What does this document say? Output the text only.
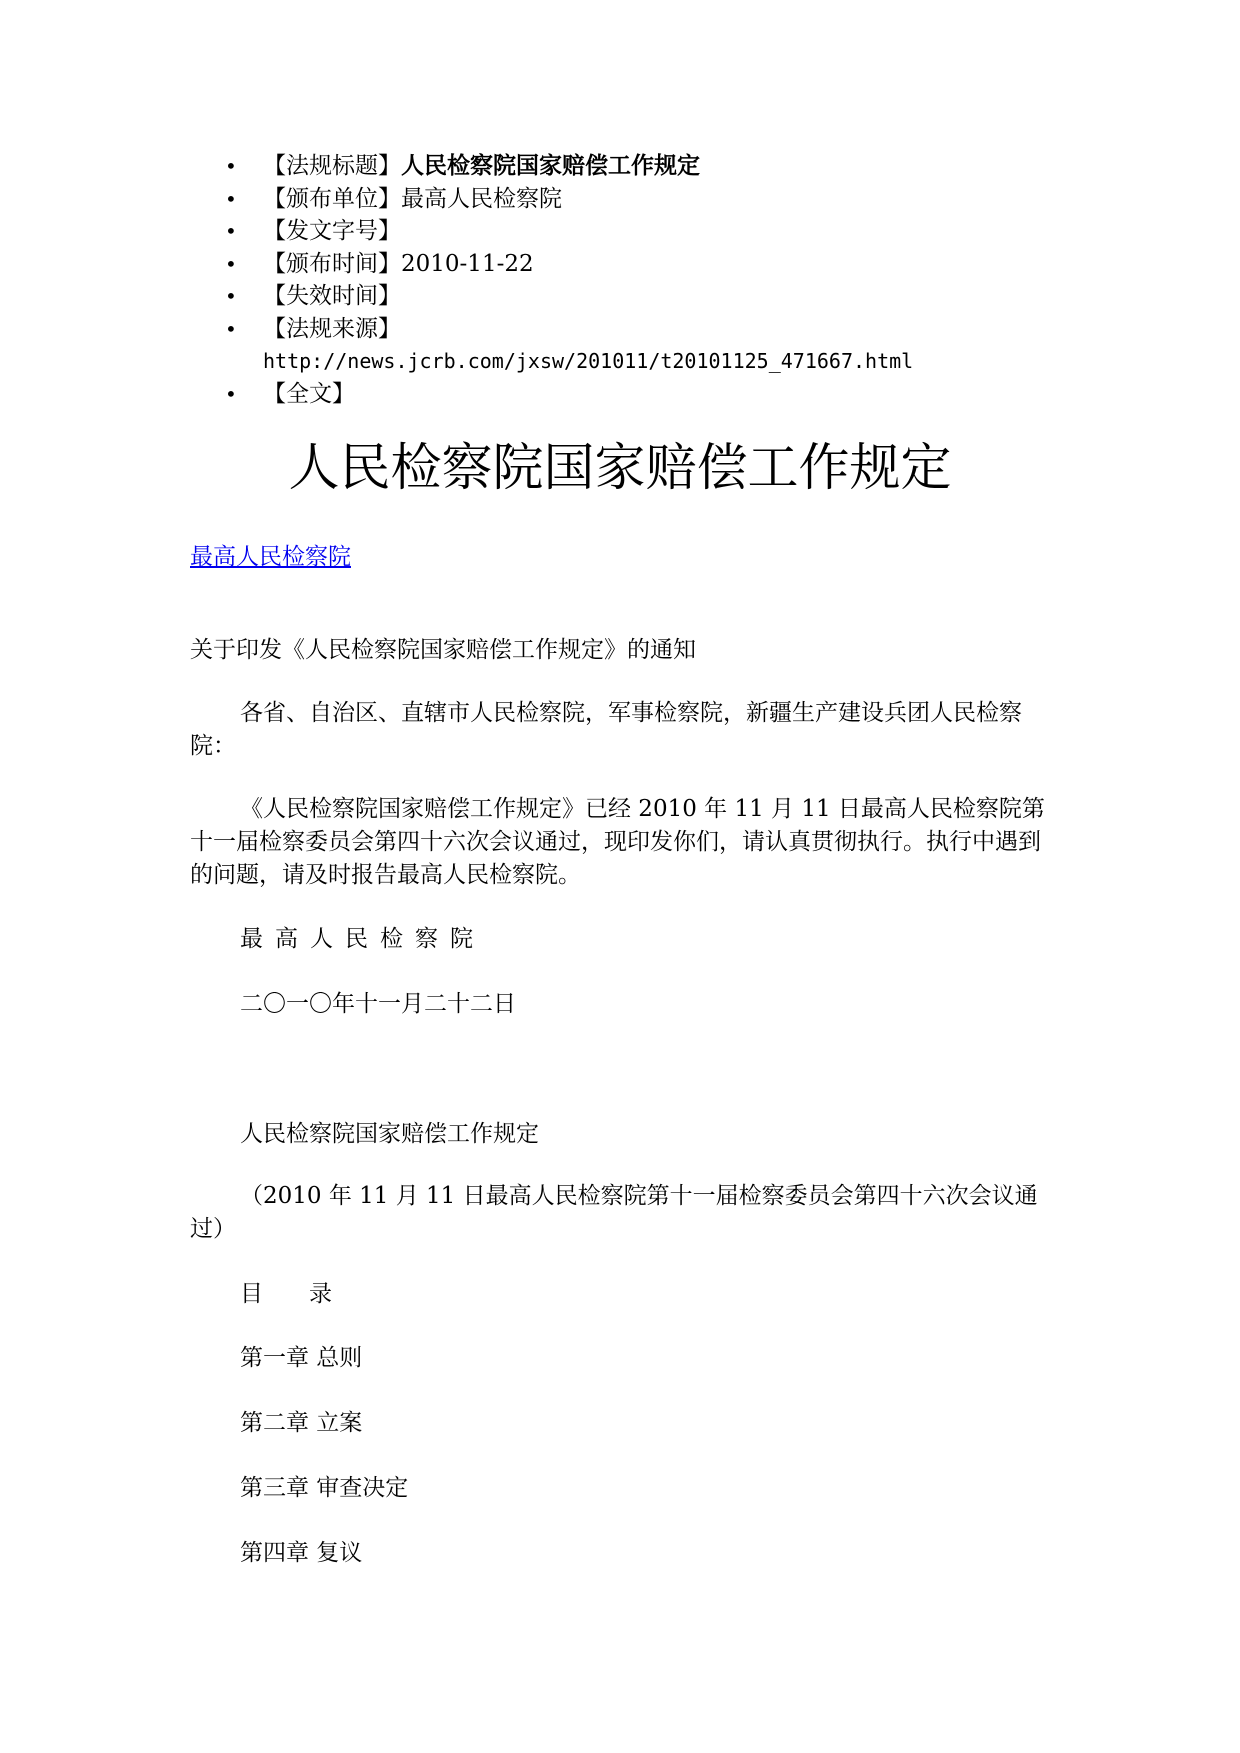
• 【法规标题】人民检察院国家赔偿工作规定
• 【颁布单位】最高人民检察院
• 【发文字号】
• 【颁布时间】2010-11-22
• 【失效时间】
• 【法规来源】
http://news.jcrb.com/jxsw/201011/t20101125_471667.html
• 【全文】
人民检察院国家赔偿工作规定
最高人民检察院

关于印发《人民检察院国家赔偿工作规定》的通知

各省、自治区、直辖市人民检察院，军事检察院，新疆生产建设兵团人民检察院：

《人民检察院国家赔偿工作规定》已经 2010 年 11 月 11 日最高人民检察院第十一届检察委员会第四十六次会议通过，现印发你们，请认真贯彻执行。执行中遇到的问题，请及时报告最高人民检察院。

最高人民检察院

二〇一〇年十一月二十二日

人民检察院国家赔偿工作规定

（2010 年 11 月 11 日最高人民检察院第十一届检察委员会第四十六次会议通过）

目　　录

第一章 总则

第二章 立案

第三章 审查决定

第四章 复议
